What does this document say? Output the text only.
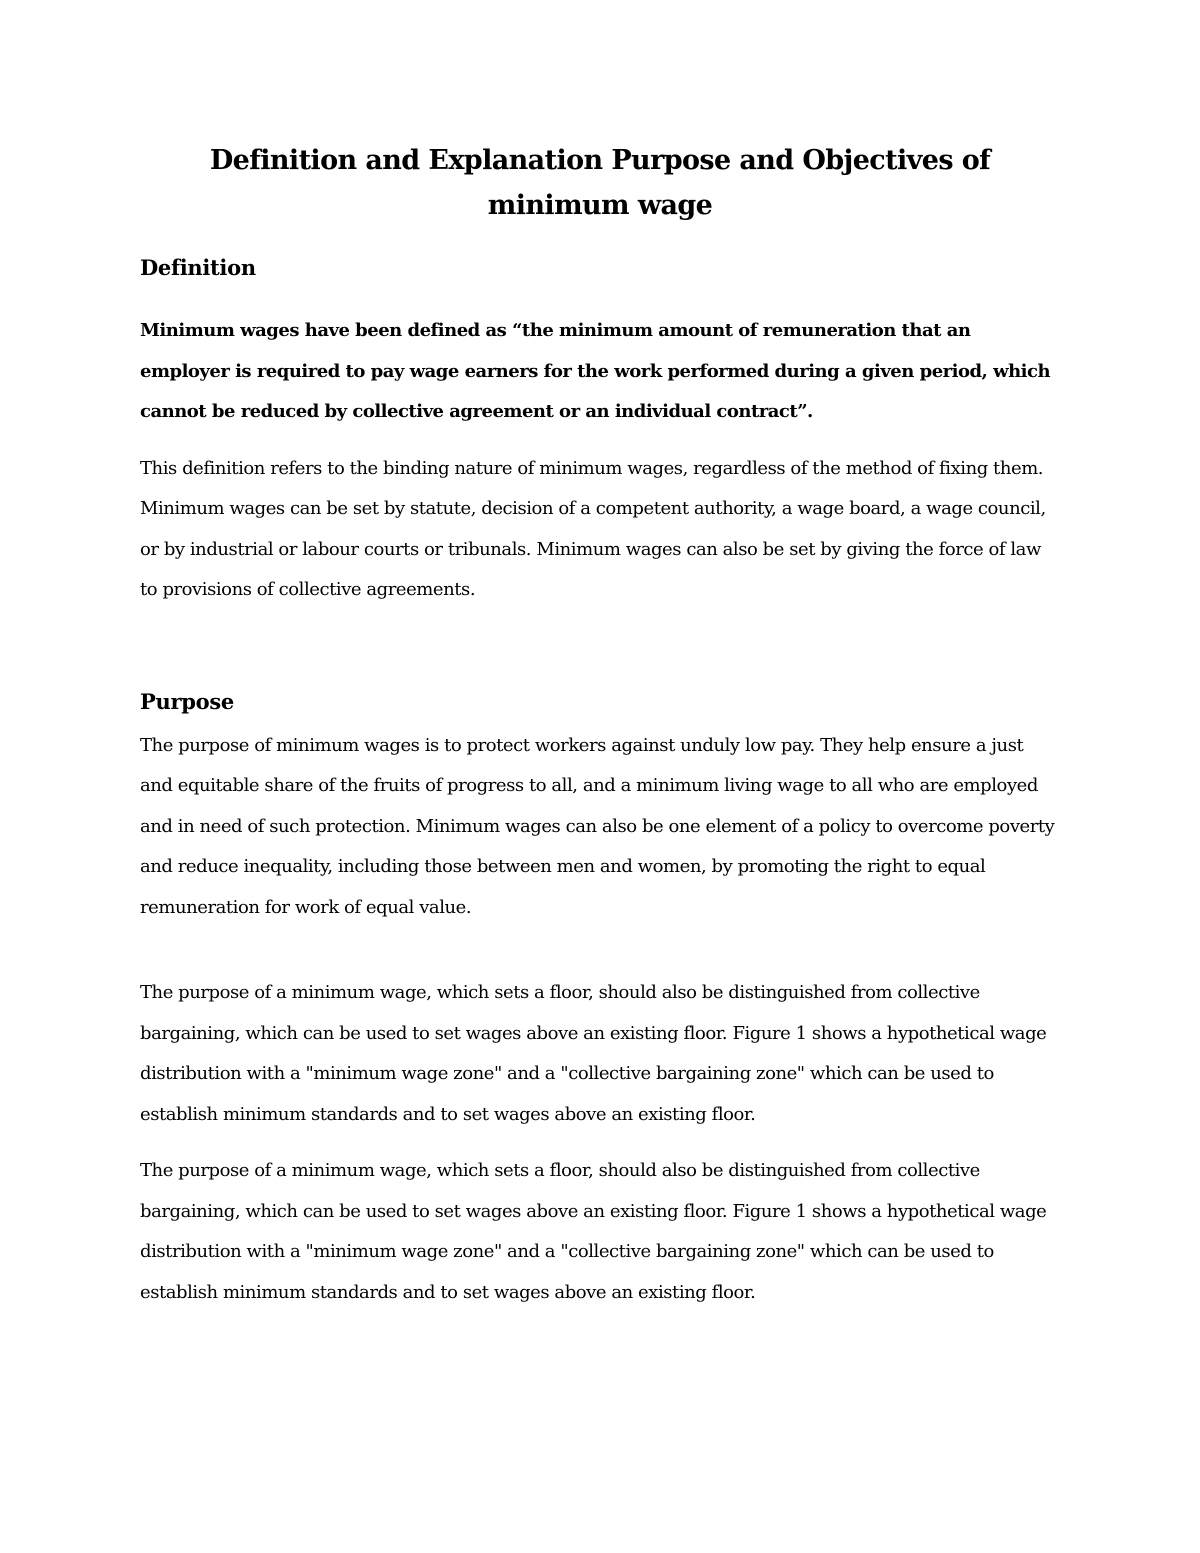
Definition and Explanation Purpose and Objectives of minimum wage
Definition

Minimum wages have been defined as “the minimum amount of remuneration that an employer is required to pay wage earners for the work performed during a given period, which cannot be reduced by collective agreement or an individual contract”.

This definition refers to the binding nature of minimum wages, regardless of the method of fixing them. Minimum wages can be set by statute, decision of a competent authority, a wage board, a wage council, or by industrial or labour courts or tribunals. Minimum wages can also be set by giving the force of law to provisions of collective agreements.

Purpose

The purpose of minimum wages is to protect workers against unduly low pay. They help ensure a just and equitable share of the fruits of progress to all, and a minimum living wage to all who are employed and in need of such protection. Minimum wages can also be one element of a policy to overcome poverty and reduce inequality, including those between men and women, by promoting the right to equal remuneration for work of equal value.

The purpose of a minimum wage, which sets a floor, should also be distinguished from collective bargaining, which can be used to set wages above an existing floor. Figure 1 shows a hypothetical wage distribution with a "minimum wage zone" and a "collective bargaining zone" which can be used to establish minimum standards and to set wages above an existing floor.

The purpose of a minimum wage, which sets a floor, should also be distinguished from collective bargaining, which can be used to set wages above an existing floor. Figure 1 shows a hypothetical wage distribution with a "minimum wage zone" and a "collective bargaining zone" which can be used to establish minimum standards and to set wages above an existing floor.
